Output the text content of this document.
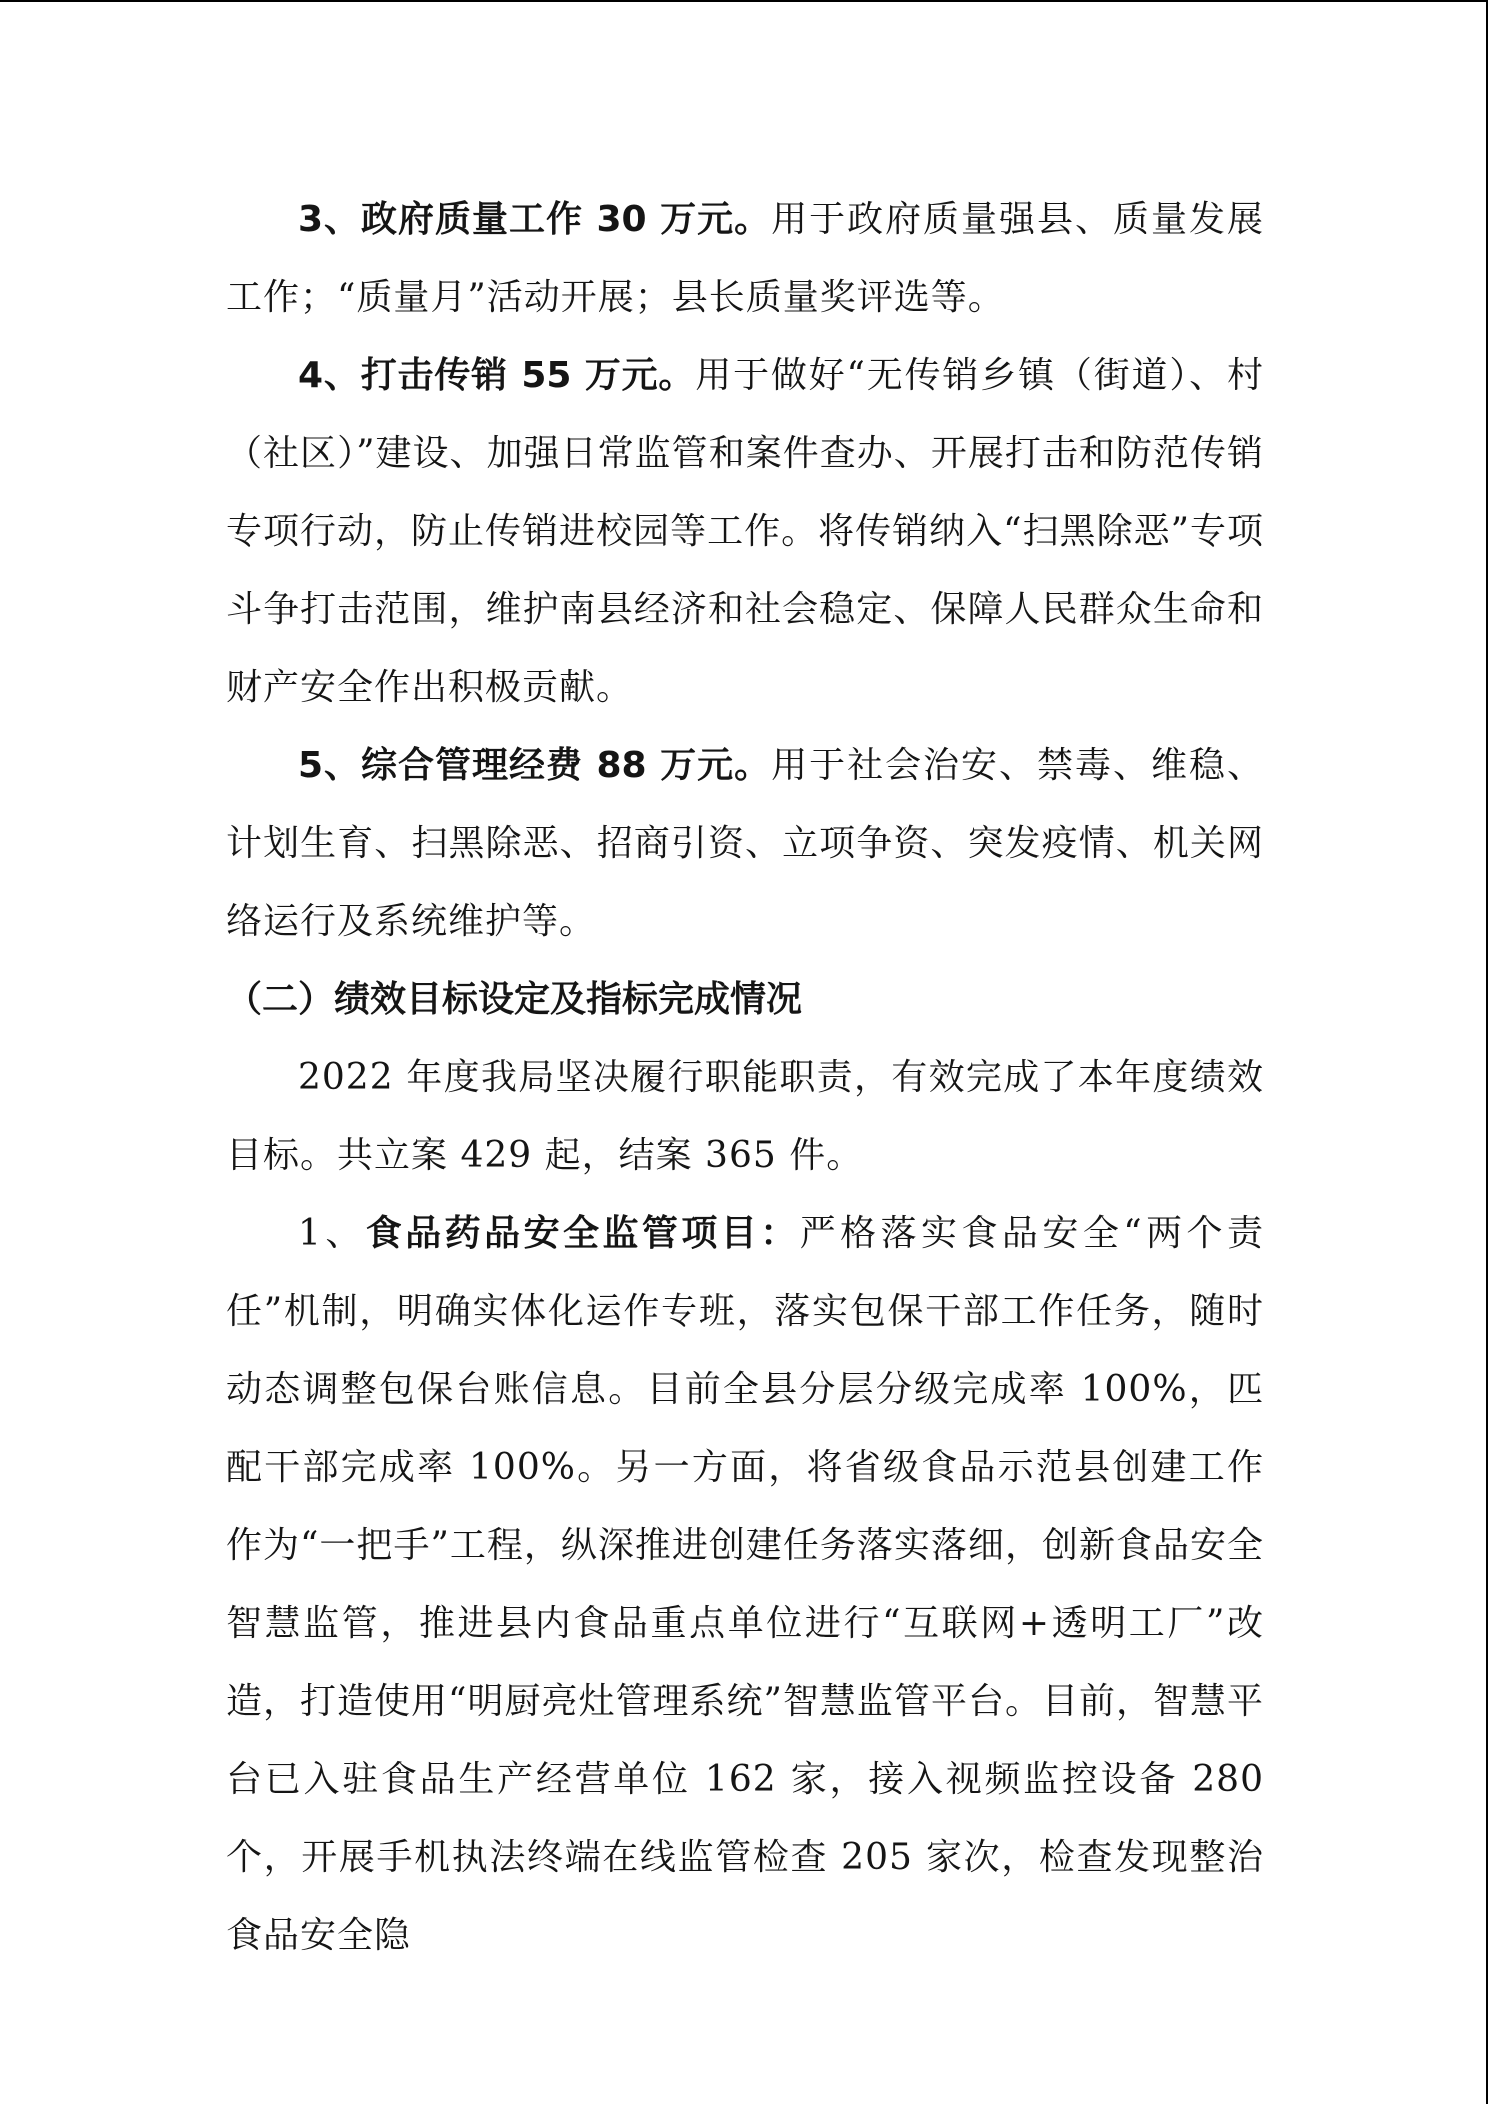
3、政府质量工作 30 万元。用于政府质量强县、质量发展工作；“质量月”活动开展；县长质量奖评选等。

4、打击传销 55 万元。用于做好“无传销乡镇（街道）、村（社区）”建设、加强日常监管和案件查办、开展打击和防范传销专项行动，防止传销进校园等工作。将传销纳入“扫黑除恶”专项斗争打击范围，维护南县经济和社会稳定、保障人民群众生命和财产安全作出积极贡献。

5、综合管理经费 88 万元。用于社会治安、禁毒、维稳、计划生育、扫黑除恶、招商引资、立项争资、突发疫情、机关网络运行及系统维护等。

（二）绩效目标设定及指标完成情况

2022 年度我局坚决履行职能职责，有效完成了本年度绩效目标。共立案 429 起，结案 365 件。

1、食品药品安全监管项目：严格落实食品安全“两个责任”机制，明确实体化运作专班，落实包保干部工作任务，随时动态调整包保台账信息。目前全县分层分级完成率 100%，匹配干部完成率 100%。另一方面，将省级食品示范县创建工作作为“一把手”工程，纵深推进创建任务落实落细，创新食品安全智慧监管，推进县内食品重点单位进行“互联网+透明工厂”改造，打造使用“明厨亮灶管理系统”智慧监管平台。目前，智慧平台已入驻食品生产经营单位 162 家，接入视频监控设备 280 个，开展手机执法终端在线监管检查 205 家次，检查发现整治食品安全隐
